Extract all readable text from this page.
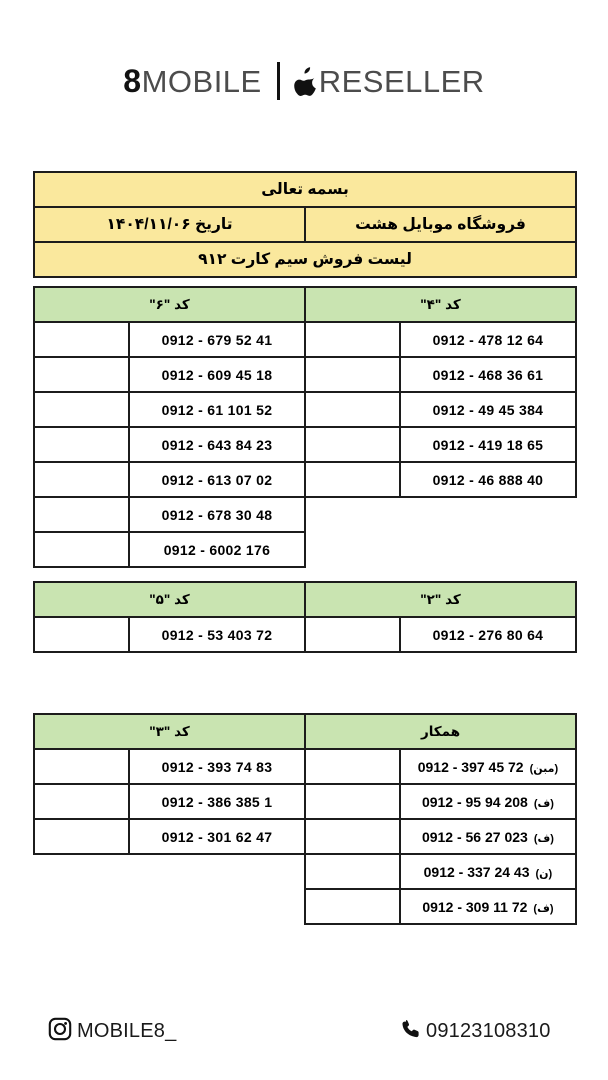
8 MOBILE RESELLER
بسمه تعالی
فروشگاه موبایل هشت	تاریخ ۱۴۰۴/۱۱/۰۶
لیست فروش سیم کارت ۹۱۲
کد "۴"		کد "۶"	
0912 - 478 12 64		0912 - 679 52 41	
0912 - 468 36 61		0912 - 609 45 18	
0912 - 49 45 384		0912 - 61 101 52	
0912 - 419 18 65		0912 - 643 84 23	
0912 - 46 888 40		0912 - 613 07 02	
		0912 - 678 30 48	
		0912 - 6002 176	
کد "۲"		کد "۵"	
0912 - 276 80 64		0912 - 53 403 72	
همکار		کد "۳"	
0912 - 397 45 72 (مبن)		0912 - 393 74 83	
0912 - 95 94 208 (ف)		0912 - 386 385 1	
0912 - 56 27 023 (ف)		0912 - 301 62 47	
0912 - 337 24 43 (ن)			
0912 - 309 11 72 (ف)			
MOBILE8_	09123108310
